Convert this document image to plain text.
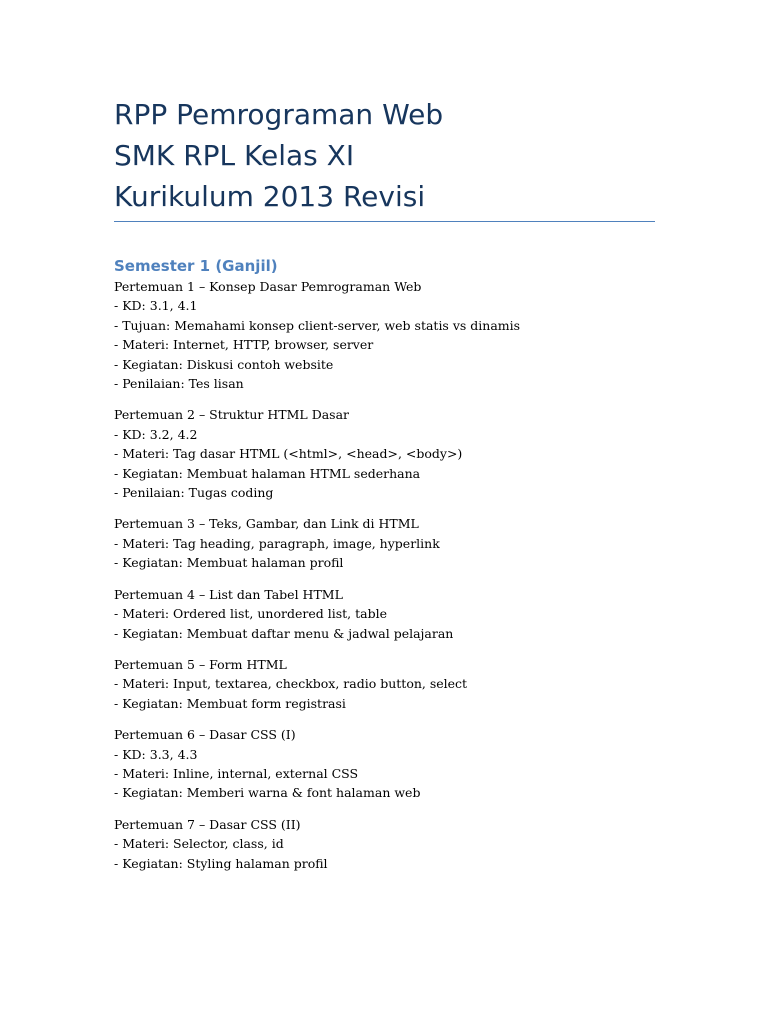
RPP Pemrograman Web
SMK RPL Kelas XI
Kurikulum 2013 Revisi
Semester 1 (Ganjil)
Pertemuan 1 – Konsep Dasar Pemrograman Web
- KD: 3.1, 4.1
- Tujuan: Memahami konsep client-server, web statis vs dinamis
- Materi: Internet, HTTP, browser, server
- Kegiatan: Diskusi contoh website
- Penilaian: Tes lisan
Pertemuan 2 – Struktur HTML Dasar
- KD: 3.2, 4.2
- Materi: Tag dasar HTML (<html>, <head>, <body>)
- Kegiatan: Membuat halaman HTML sederhana
- Penilaian: Tugas coding
Pertemuan 3 – Teks, Gambar, dan Link di HTML
- Materi: Tag heading, paragraph, image, hyperlink
- Kegiatan: Membuat halaman profil
Pertemuan 4 – List dan Tabel HTML
- Materi: Ordered list, unordered list, table
- Kegiatan: Membuat daftar menu & jadwal pelajaran
Pertemuan 5 – Form HTML
- Materi: Input, textarea, checkbox, radio button, select
- Kegiatan: Membuat form registrasi
Pertemuan 6 – Dasar CSS (I)
- KD: 3.3, 4.3
- Materi: Inline, internal, external CSS
- Kegiatan: Memberi warna & font halaman web
Pertemuan 7 – Dasar CSS (II)
- Materi: Selector, class, id
- Kegiatan: Styling halaman profil
